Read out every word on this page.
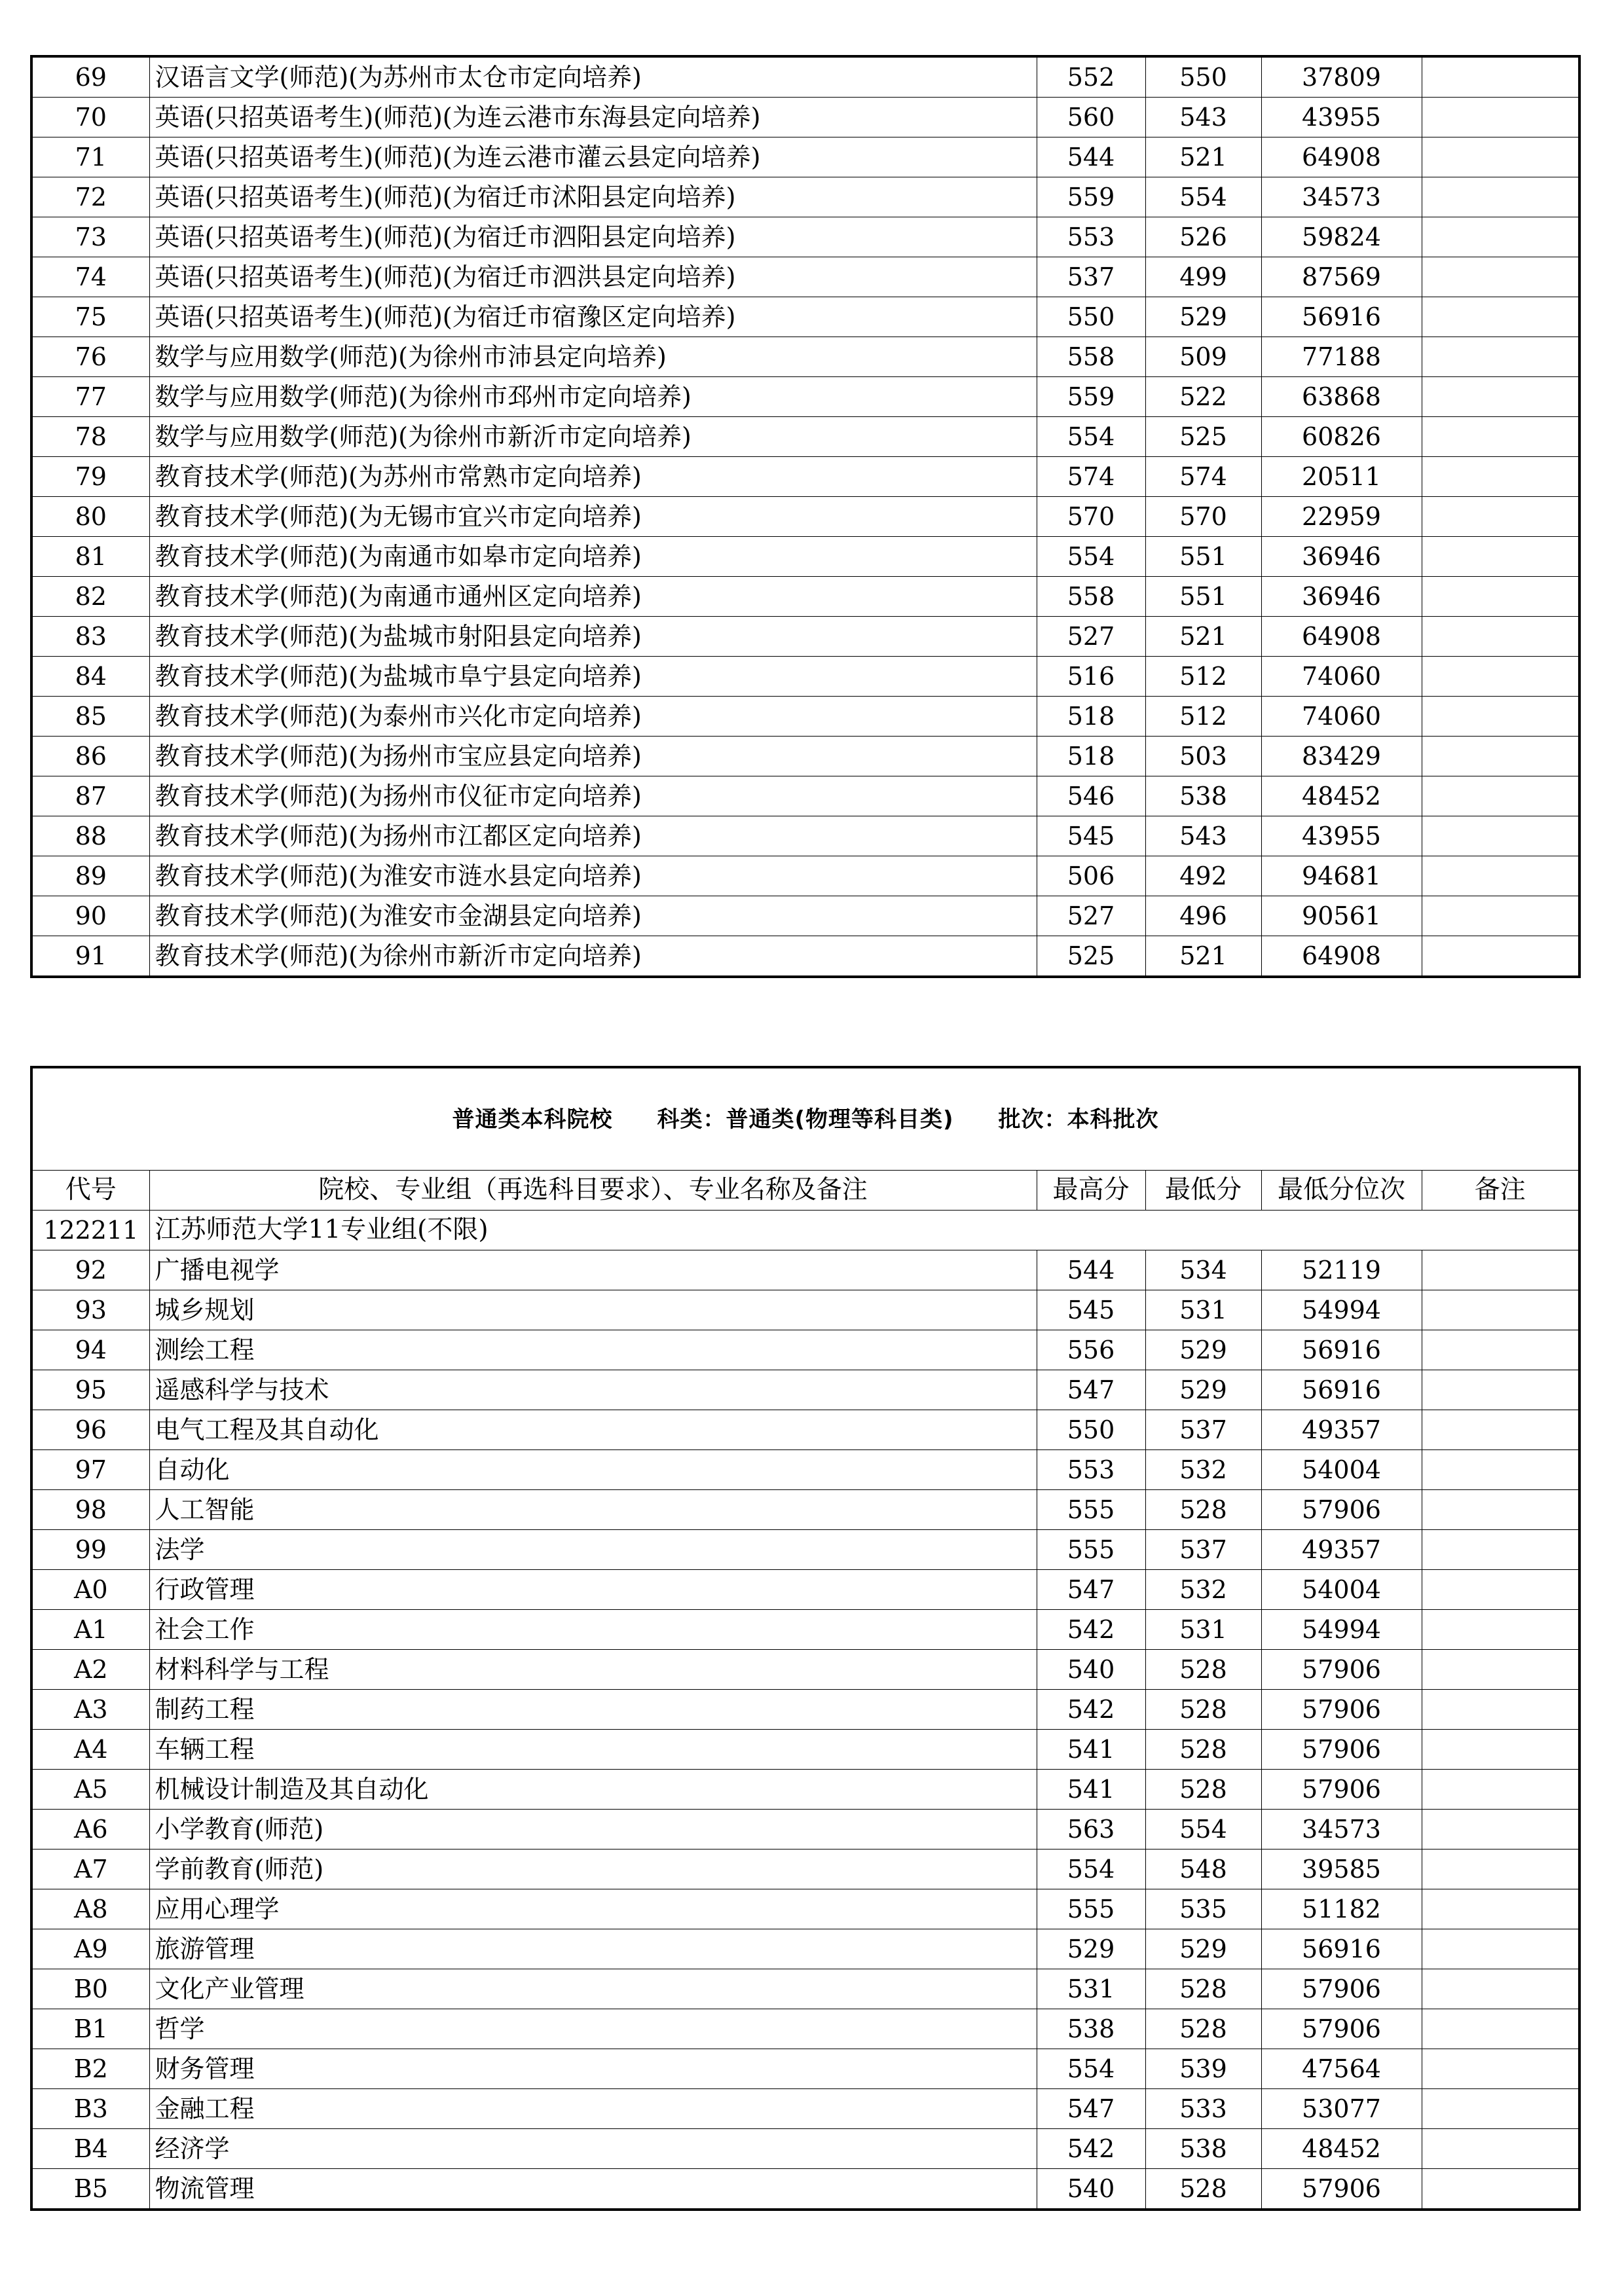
69	汉语言文学(师范)(为苏州市太仓市定向培养)	552	550	37809	
70	英语(只招英语考生)(师范)(为连云港市东海县定向培养)	560	543	43955	
71	英语(只招英语考生)(师范)(为连云港市灌云县定向培养)	544	521	64908	
72	英语(只招英语考生)(师范)(为宿迁市沭阳县定向培养)	559	554	34573	
73	英语(只招英语考生)(师范)(为宿迁市泗阳县定向培养)	553	526	59824	
74	英语(只招英语考生)(师范)(为宿迁市泗洪县定向培养)	537	499	87569	
75	英语(只招英语考生)(师范)(为宿迁市宿豫区定向培养)	550	529	56916	
76	数学与应用数学(师范)(为徐州市沛县定向培养)	558	509	77188	
77	数学与应用数学(师范)(为徐州市邳州市定向培养)	559	522	63868	
78	数学与应用数学(师范)(为徐州市新沂市定向培养)	554	525	60826	
79	教育技术学(师范)(为苏州市常熟市定向培养)	574	574	20511	
80	教育技术学(师范)(为无锡市宜兴市定向培养)	570	570	22959	
81	教育技术学(师范)(为南通市如皋市定向培养)	554	551	36946	
82	教育技术学(师范)(为南通市通州区定向培养)	558	551	36946	
83	教育技术学(师范)(为盐城市射阳县定向培养)	527	521	64908	
84	教育技术学(师范)(为盐城市阜宁县定向培养)	516	512	74060	
85	教育技术学(师范)(为泰州市兴化市定向培养)	518	512	74060	
86	教育技术学(师范)(为扬州市宝应县定向培养)	518	503	83429	
87	教育技术学(师范)(为扬州市仪征市定向培养)	546	538	48452	
88	教育技术学(师范)(为扬州市江都区定向培养)	545	543	43955	
89	教育技术学(师范)(为淮安市涟水县定向培养)	506	492	94681	
90	教育技术学(师范)(为淮安市金湖县定向培养)	527	496	90561	
91	教育技术学(师范)(为徐州市新沂市定向培养)	525	521	64908	
普通类本科院校 科类：普通类(物理等科目类) 批次：本科批次					
代号	院校、专业组（再选科目要求）、专业名称及备注	最高分	最低分	最低分位次	备注
122211	江苏师范大学11专业组(不限)				
92	广播电视学	544	534	52119	
93	城乡规划	545	531	54994	
94	测绘工程	556	529	56916	
95	遥感科学与技术	547	529	56916	
96	电气工程及其自动化	550	537	49357	
97	自动化	553	532	54004	
98	人工智能	555	528	57906	
99	法学	555	537	49357	
A0	行政管理	547	532	54004	
A1	社会工作	542	531	54994	
A2	材料科学与工程	540	528	57906	
A3	制药工程	542	528	57906	
A4	车辆工程	541	528	57906	
A5	机械设计制造及其自动化	541	528	57906	
A6	小学教育(师范)	563	554	34573	
A7	学前教育(师范)	554	548	39585	
A8	应用心理学	555	535	51182	
A9	旅游管理	529	529	56916	
B0	文化产业管理	531	528	57906	
B1	哲学	538	528	57906	
B2	财务管理	554	539	47564	
B3	金融工程	547	533	53077	
B4	经济学	542	538	48452	
B5	物流管理	540	528	57906	
